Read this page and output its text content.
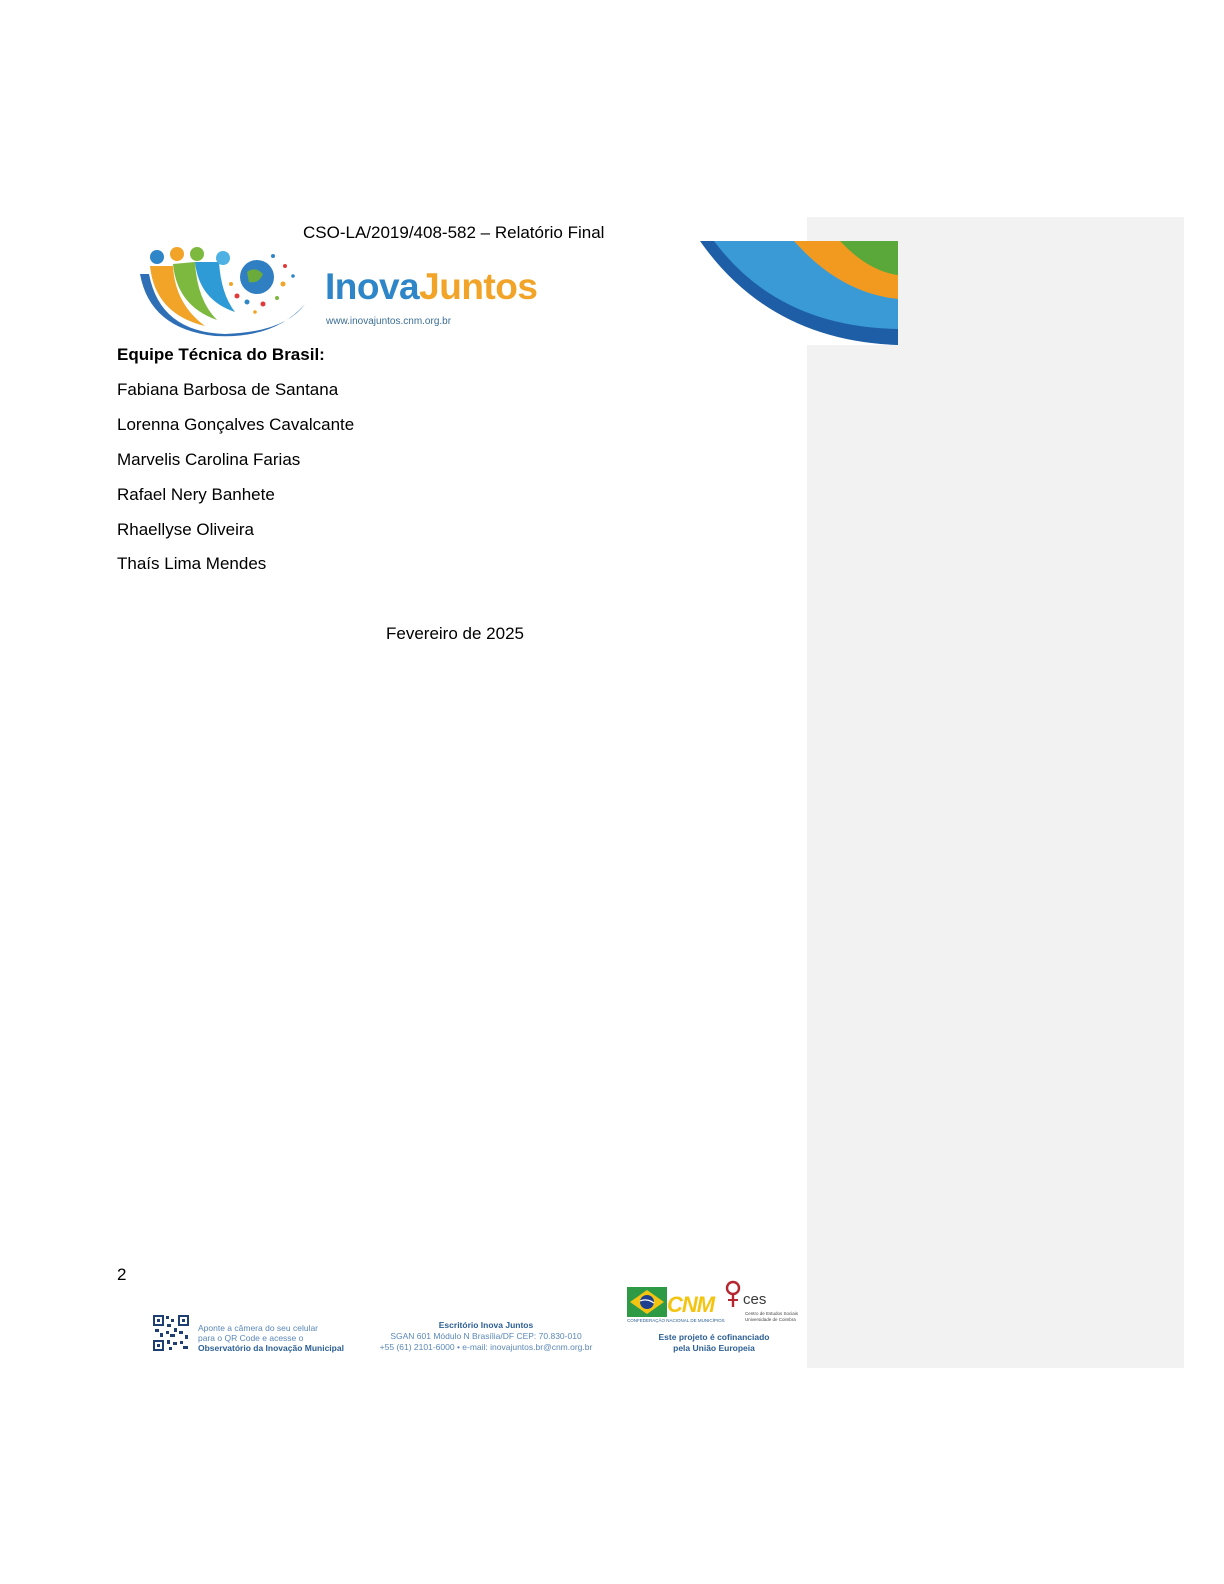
CSO-LA/2019/408-582 – Relatório Final
InovaJuntos
www.inovajuntos.cnm.org.br
Equipe Técnica do Brasil:
Fabiana Barbosa de Santana
Lorenna Gonçalves Cavalcante
Marvelis Carolina Farias
Rafael Nery Banhete
Rhaellyse Oliveira
Thaís Lima Mendes
Fevereiro de 2025
2
Aponte a câmera do seu celular
para o QR Code e acesse o
Observatório da Inovação Municipal
Escritório Inova Juntos
SGAN 601 Módulo N Brasília/DF CEP: 70.830-010
+55 (61) 2101-6000 • e-mail: inovajuntos.br@cnm.org.br
CNM
CONFEDERAÇÃO NACIONAL DE MUNICÍPIOS
ces
Centro de Estudos Sociais
Universidade de Coimbra
Este projeto é cofinanciado
pela União Europeia
